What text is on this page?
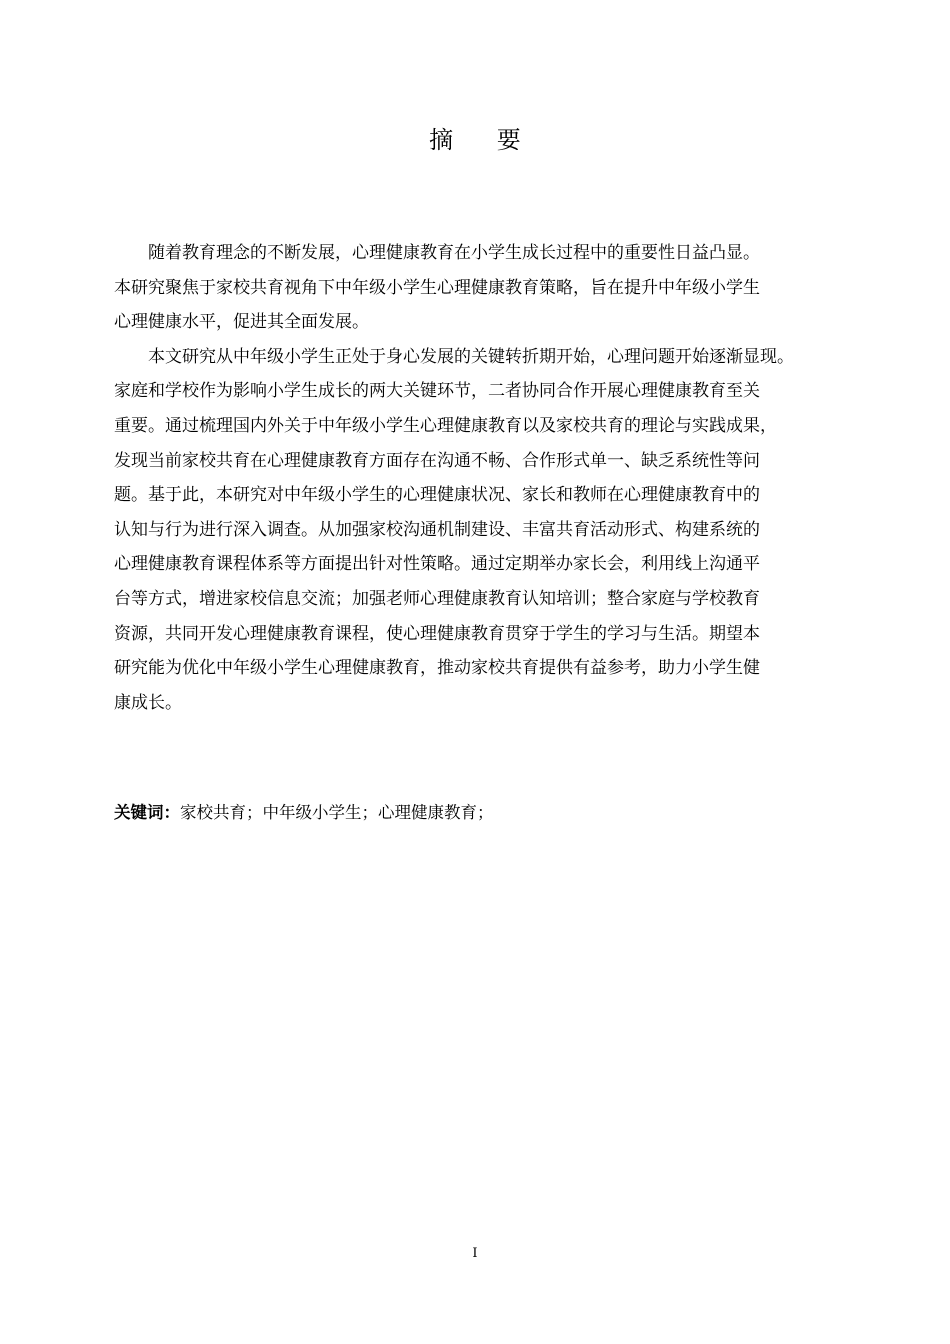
摘 要
随着教育理念的不断发展，心理健康教育在小学生成长过程中的重要性日益凸显。
本研究聚焦于家校共育视角下中年级小学生心理健康教育策略，旨在提升中年级小学生
心理健康水平，促进其全面发展。
本文研究从中年级小学生正处于身心发展的关键转折期开始，心理问题开始逐渐显现。
家庭和学校作为影响小学生成长的两大关键环节，二者协同合作开展心理健康教育至关
重要。通过梳理国内外关于中年级小学生心理健康教育以及家校共育的理论与实践成果，
发现当前家校共育在心理健康教育方面存在沟通不畅、合作形式单一、缺乏系统性等问
题。基于此，本研究对中年级小学生的心理健康状况、家长和教师在心理健康教育中的
认知与行为进行深入调查。从加强家校沟通机制建设、丰富共育活动形式、构建系统的
心理健康教育课程体系等方面提出针对性策略。通过定期举办家长会，利用线上沟通平
台等方式，增进家校信息交流；加强老师心理健康教育认知培训；整合家庭与学校教育
资源，共同开发心理健康教育课程，使心理健康教育贯穿于学生的学习与生活。期望本
研究能为优化中年级小学生心理健康教育，推动家校共育提供有益参考，助力小学生健
康成长。
关键词：家校共育；中年级小学生；心理健康教育；
I
